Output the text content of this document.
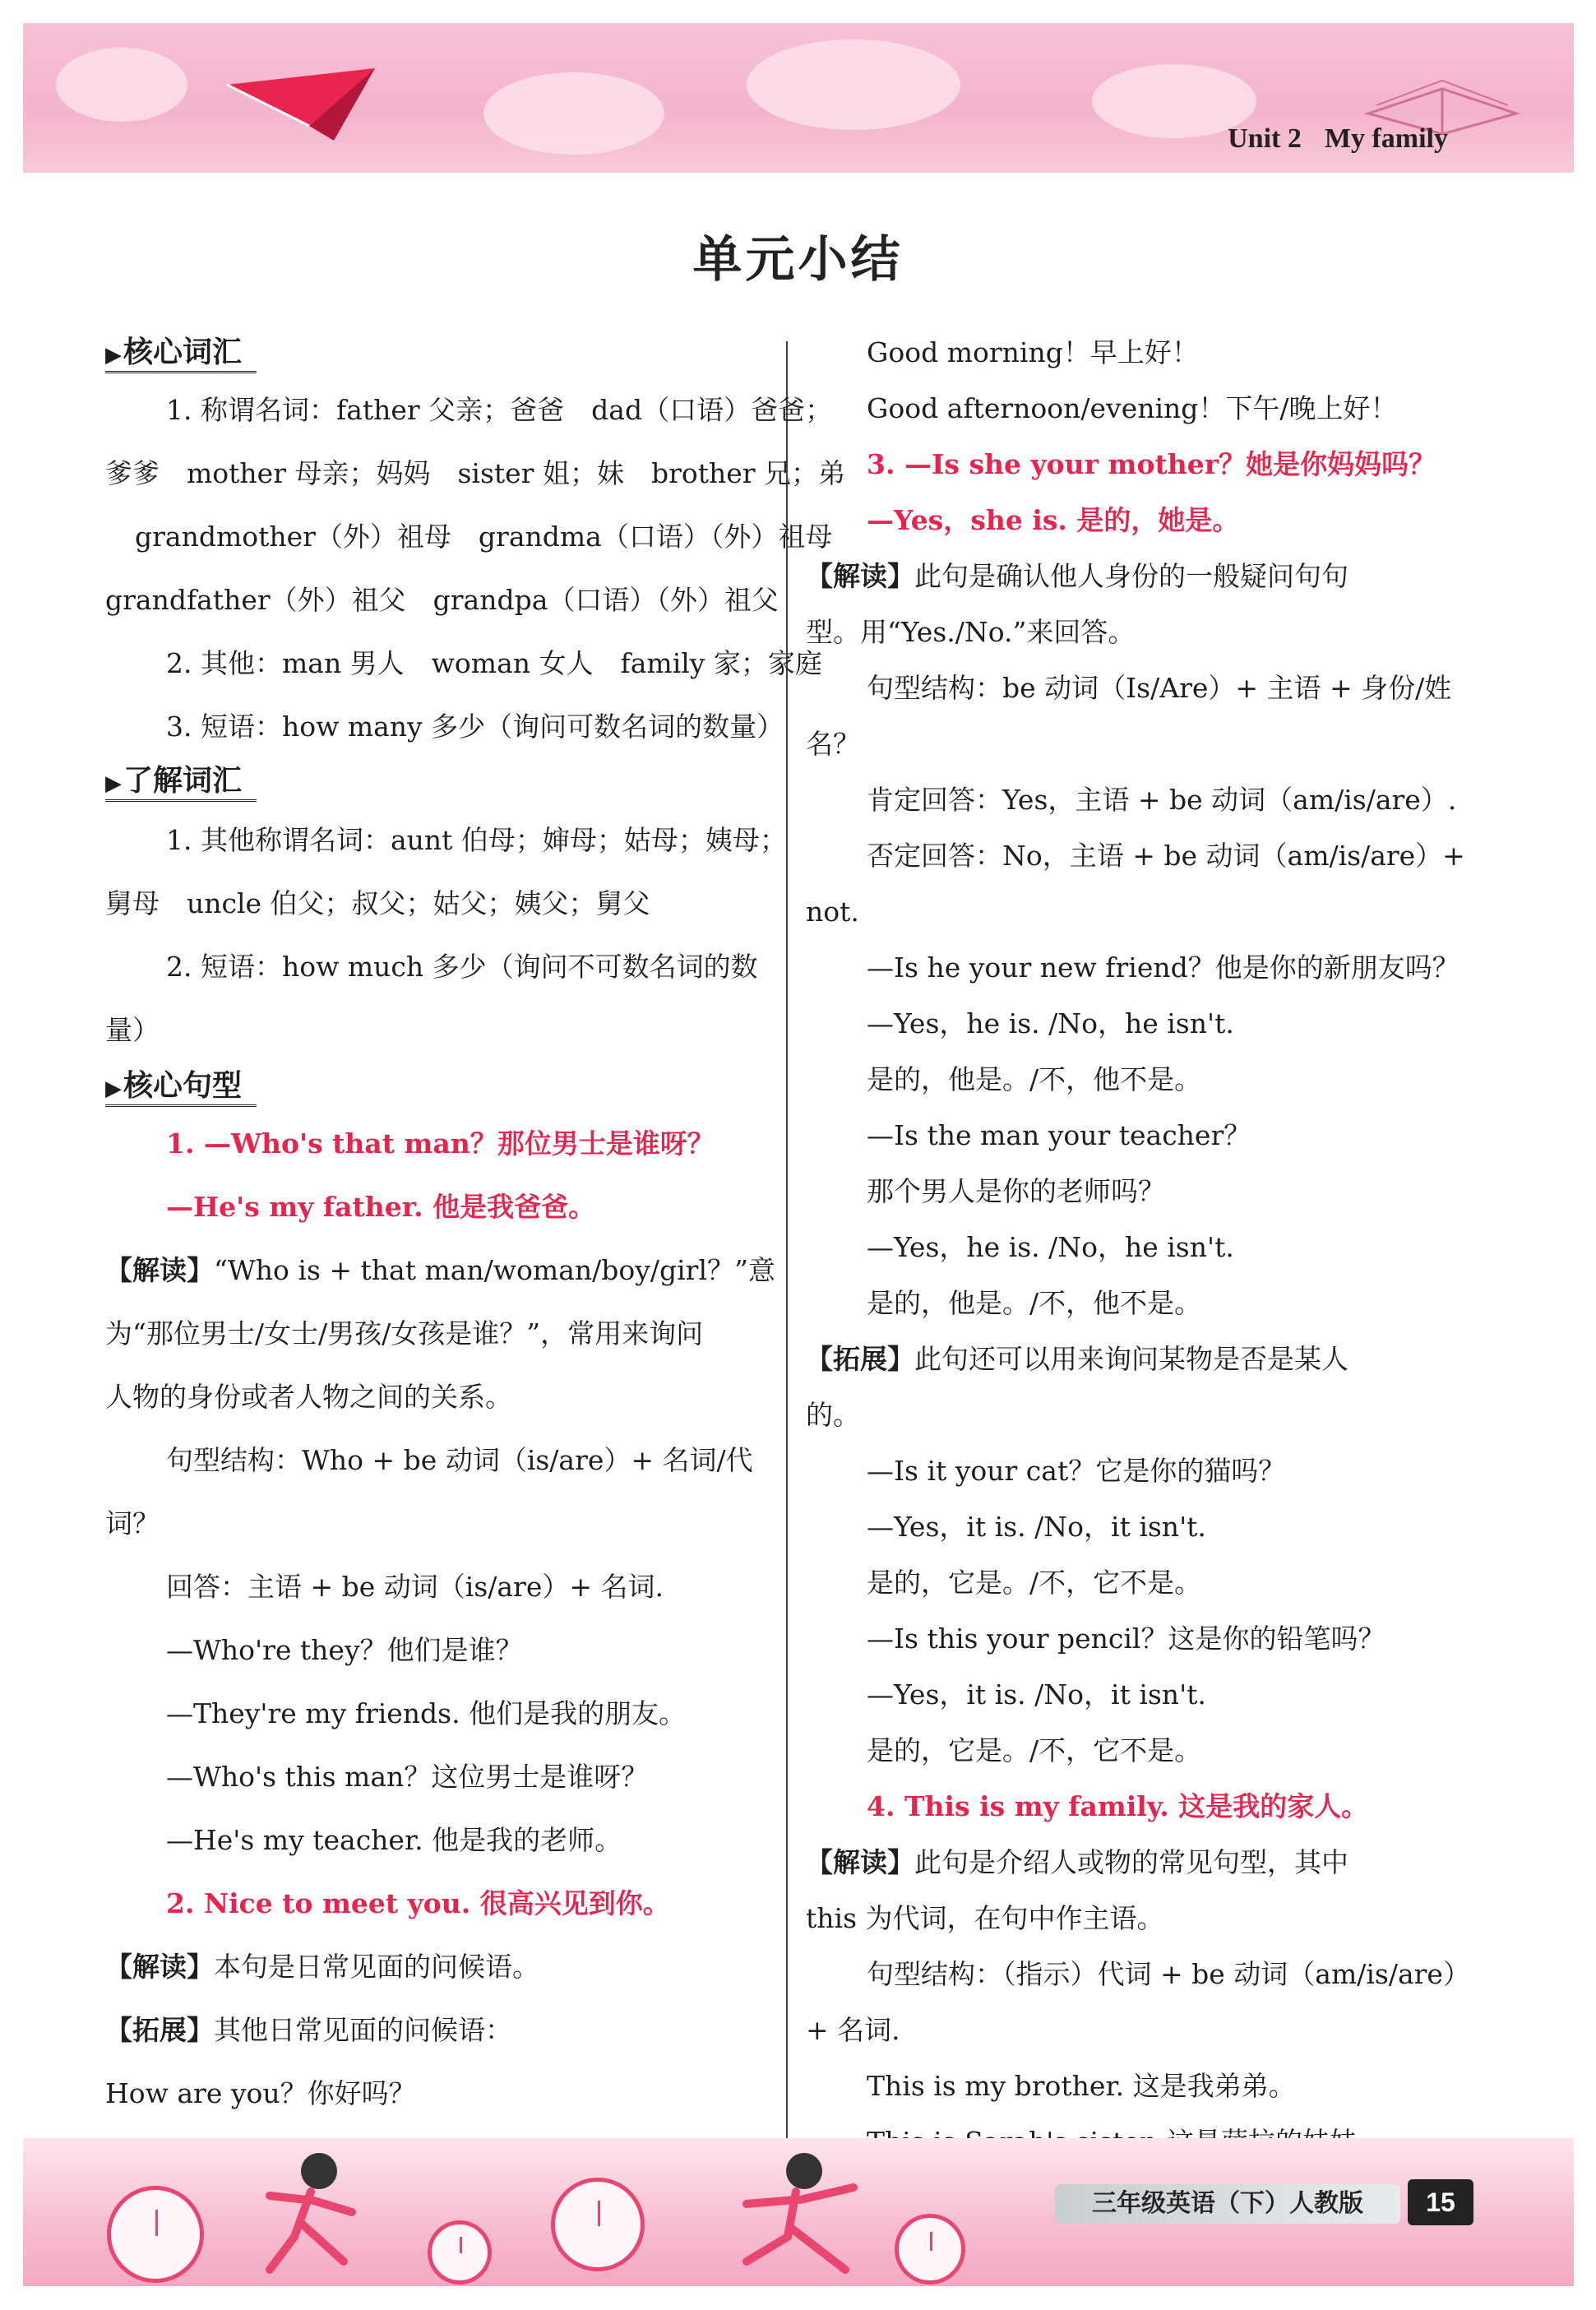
Unit 2 My family
单元小结
▶核心词汇
1. 称谓名词：father 父亲；爸爸　dad（口语）爸爸；
爹爹　mother 母亲；妈妈　sister 姐；妹　brother 兄；弟
grandmother（外）祖母　grandma（口语）（外）祖母
grandfather（外）祖父　grandpa（口语）（外）祖父
2. 其他：man 男人　woman 女人　family 家；家庭
3. 短语：how many 多少（询问可数名词的数量）
▶了解词汇
1. 其他称谓名词：aunt 伯母；婶母；姑母；姨母；
舅母　uncle 伯父；叔父；姑父；姨父；舅父
2. 短语：how much 多少（询问不可数名词的数
量）
▶核心句型
1. —Who's that man？那位男士是谁呀？
—He's my father. 他是我爸爸。
【解读】“Who is + that man/woman/boy/girl？”意
为“那位男士/女士/男孩/女孩是谁？”，常用来询问
人物的身份或者人物之间的关系。
句型结构：Who + be 动词（is/are）+ 名词/代
词？
回答：主语 + be 动词（is/are）+ 名词.
—Who're they？他们是谁？
—They're my friends. 他们是我的朋友。
—Who's this man？这位男士是谁呀？
—He's my teacher. 他是我的老师。
2. Nice to meet you. 很高兴见到你。
【解读】本句是日常见面的问候语。
【拓展】其他日常见面的问候语：
How are you？你好吗？
Good morning！早上好！
Good afternoon/evening！下午/晚上好！
3. —Is she your mother？她是你妈妈吗？
—Yes，she is. 是的，她是。
【解读】此句是确认他人身份的一般疑问句句
型。用“Yes./No.”来回答。
句型结构：be 动词（Is/Are）+ 主语 + 身份/姓
名？
肯定回答：Yes，主语 + be 动词（am/is/are）.
否定回答：No，主语 + be 动词（am/is/are）+
not.
—Is he your new friend？他是你的新朋友吗？
—Yes，he is. /No，he isn't.
是的，他是。/不，他不是。
—Is the man your teacher？
那个男人是你的老师吗？
—Yes，he is. /No，he isn't.
是的，他是。/不，他不是。
【拓展】此句还可以用来询问某物是否是某人
的。
—Is it your cat？它是你的猫吗？
—Yes，it is. /No，it isn't.
是的，它是。/不，它不是。
—Is this your pencil？这是你的铅笔吗？
—Yes，it is. /No，it isn't.
是的，它是。/不，它不是。
4. This is my family. 这是我的家人。
【解读】此句是介绍人或物的常见句型，其中
this 为代词，在句中作主语。
句型结构：（指示）代词 + be 动词（am/is/are）
+ 名词.
This is my brother. 这是我弟弟。
三年级英语（下）人教版	15
